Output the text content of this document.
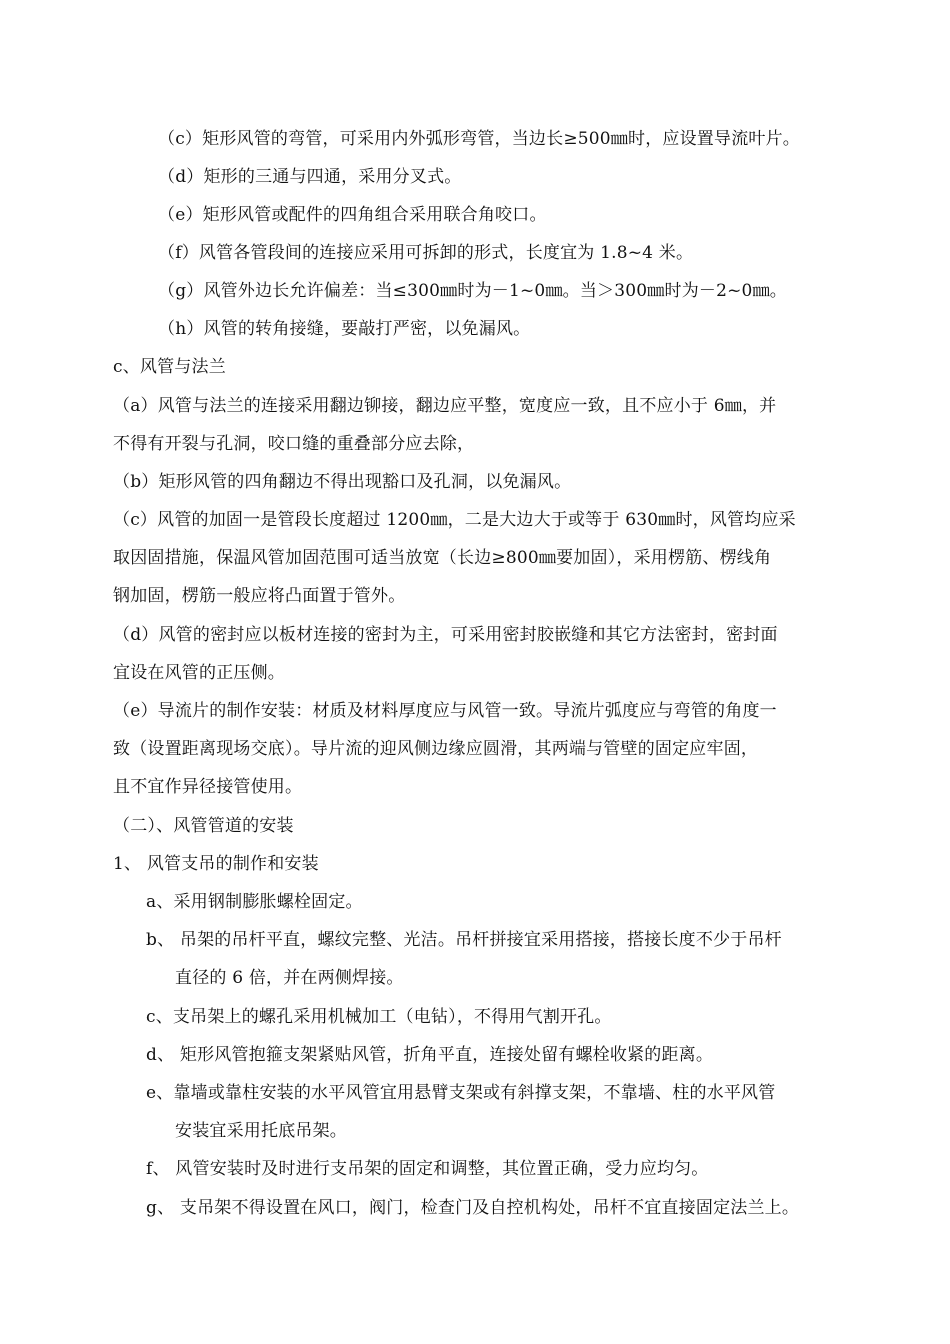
（c）矩形风管的弯管，可采用内外弧形弯管，当边长≥500㎜时，应设置导流叶片。

（d）矩形的三通与四通，采用分叉式。

（e）矩形风管或配件的四角组合采用联合角咬口。

（f）风管各管段间的连接应采用可拆卸的形式，长度宜为 1.8~4 米。

（g）风管外边长允许偏差：当≤300㎜时为－1~0㎜。当＞300㎜时为－2~0㎜。

（h）风管的转角接缝，要敲打严密，以免漏风。

c、风管与法兰

（a）风管与法兰的连接采用翻边铆接，翻边应平整，宽度应一致，且不应小于 6㎜，并

不得有开裂与孔洞，咬口缝的重叠部分应去除，

（b）矩形风管的四角翻边不得出现豁口及孔洞，以免漏风。

（c）风管的加固一是管段长度超过 1200㎜，二是大边大于或等于 630㎜时，风管均应采

取因固措施，保温风管加固范围可适当放宽（长边≥800㎜要加固），采用楞筋、楞线角

钢加固，楞筋一般应将凸面置于管外。

（d）风管的密封应以板材连接的密封为主，可采用密封胶嵌缝和其它方法密封，密封面

宜设在风管的正压侧。

（e）导流片的制作安装：材质及材料厚度应与风管一致。导流片弧度应与弯管的角度一

致（设置距离现场交底）。导片流的迎风侧边缘应圆滑，其两端与管壁的固定应牢固，

且不宜作异径接管使用。

（二）、风管管道的安装

1、 风管支吊的制作和安装

a、采用钢制膨胀螺栓固定。

b、 吊架的吊杆平直，螺纹完整、光洁。吊杆拼接宜采用搭接，搭接长度不少于吊杆

直径的 6 倍，并在两侧焊接。

c、支吊架上的螺孔采用机械加工（电钻），不得用气割开孔。

d、 矩形风管抱箍支架紧贴风管，折角平直，连接处留有螺栓收紧的距离。

e、靠墙或靠柱安装的水平风管宜用悬臂支架或有斜撑支架，不靠墙、柱的水平风管

安装宜采用托底吊架。

f、 风管安装时及时进行支吊架的固定和调整，其位置正确，受力应均匀。

g、 支吊架不得设置在风口，阀门，检查门及自控机构处，吊杆不宜直接固定法兰上。
